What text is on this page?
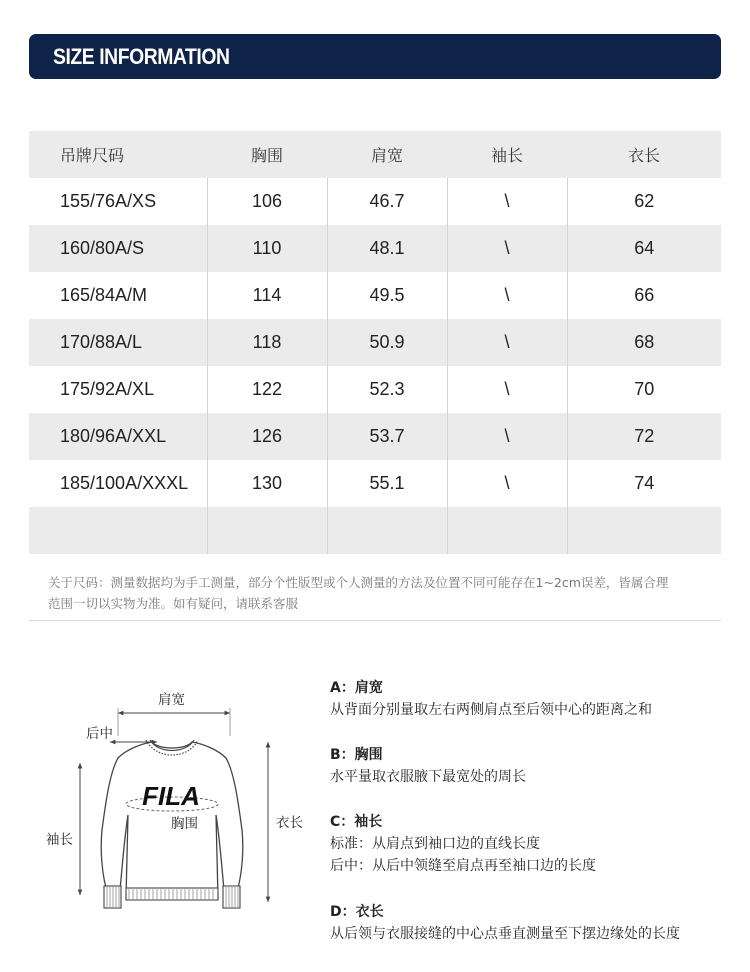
SIZE INFORMATION
吊牌尺码	胸围	肩宽	袖长	衣长
155/76A/XS	106	46.7	\	62
160/80A/S	110	48.1	\	64
165/84A/M	114	49.5	\	66
170/88A/L	118	50.9	\	68
175/92A/XL	122	52.3	\	70
180/96A/XXL	126	53.7	\	72
185/100A/XXXL	130	55.1	\	74

关于尺码：测量数据均为手工测量，部分个性版型或个人测量的方法及位置不同可能存在1~2cm误差，皆属合理
范围一切以实物为准。如有疑问，请联系客服
FILA
肩宽
后中
袖长
胸围	衣长
A：肩宽
从背面分别量取左右两侧肩点至后领中心的距离之和
B：胸围
水平量取衣服腋下最宽处的周长
C：袖长
标准：从肩点到袖口边的直线长度
后中：从后中领缝至肩点再至袖口边的长度
D：衣长
从后领与衣服接缝的中心点垂直测量至下摆边缘处的长度
